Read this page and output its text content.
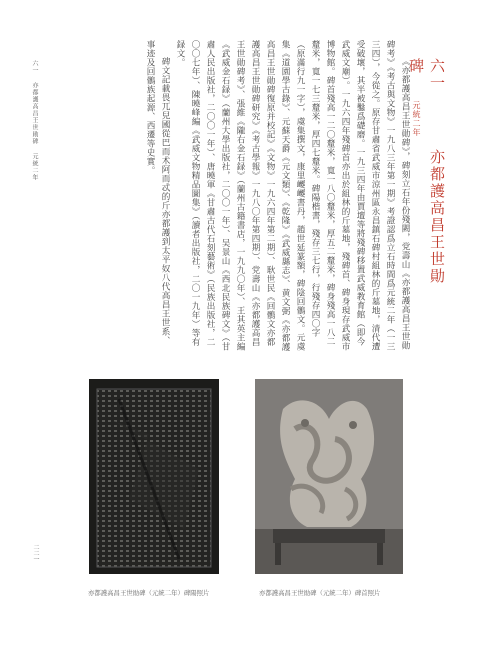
六一 亦都護高昌王世勛碑 元統二年	六一 　 亦都護高昌王世勛碑 元統二年

《亦都護高昌王世勛碑》，碑刻立石年份殘闕，党壽山《亦都護高昌王世勛碑考》《考古與文物》一九八三年第一期》考證認爲立石時間爲元統二年（一三三四），今從之。原存甘肅省武威市涼州區永昌鎮石碑村組林的斤墓地，清代遭受破壞，其半被鑿爲礎磨。一九三四年由賈壇等將殘碑移置武威教育館（即今武威文廟）。一九六四年殘碑首亦出於組林的斤墓地，殘碑首、碑身現存武威市博物館。碑首殘高一二〇釐米，寬一八〇釐米，厚五二釐米，碑身殘高一八二釐米，寬一七三釐米，厚四七釐米。碑陽楷書，殘存三七行，行殘存四〇字（原滿行九一字），虞集撰文，康里巎巎書丹，趙世延篆額，碑陰回鶻文。元虞集《道園學古錄》、元蘇天爵《元文類》、《乾隆》《武威縣志》、黄文弼《亦都護高昌王世勛碑復原并校記》《文物》一九六四年第二期）、耿世民《回鶻文亦都護高昌王世勛碑研究》《考古學報》一九八〇年第四期）、党壽山《亦都護高昌王世勛碑考》、張維《隴右金石録》（蘭州古籍書店，一九九〇年）、王其英主編《武威金石録》（蘭州大學出版社，二〇〇一年）、吴景山《西北民族碑文》（甘肅人民出版社，二〇〇一年）、唐曉軍《甘肅古代石刻藝術》（民族出版社，二〇〇七年）、陳曉峰編《武威文物精品圖集》（讀者出版社，二〇一九年）等有録文。

碑文記載畏兀兒國從巴而术阿而忒的斤亦都護到太平奴八代高昌王世系、事迹及回鶻族起源、西遷等史實。

亦都護高昌王世勛碑（元統二年）碑陽照片	亦都護高昌王世勛碑（元統二年）碑首照片
二二一
